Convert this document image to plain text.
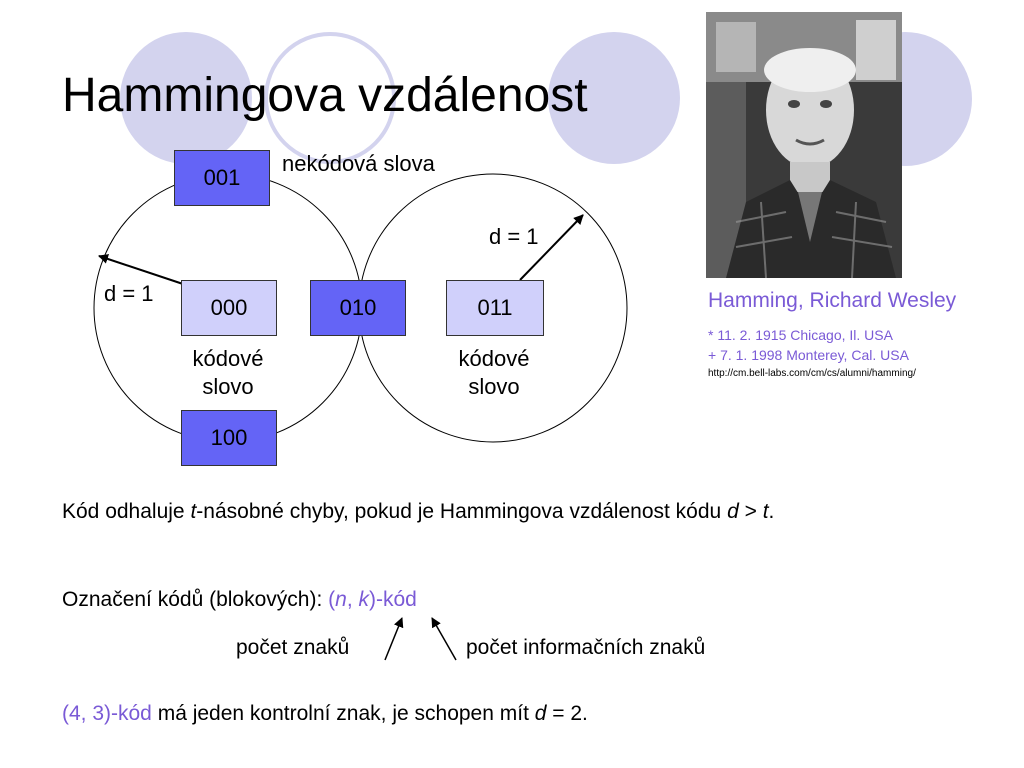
Hammingova vzdálenost
Hamming, Richard Wesley
* 11. 2. 1915 Chicago, Il. USA
+ 7. 1. 1998 Monterey, Cal. USA
http://cm.bell-labs.com/cm/cs/alumni/hamming/
001
000	010	011
100
nekódová slova
d = 1
d = 1
kódové
slovo
kódové
slovo
Kód odhaluje t-násobné chyby, pokud je Hammingova vzdálenost kódu d > t.
Označení kódů (blokových): (n, k)-kód
počet znaků	počet informačních znaků
(4, 3)-kód má jeden kontrolní znak, je schopen mít d = 2.
